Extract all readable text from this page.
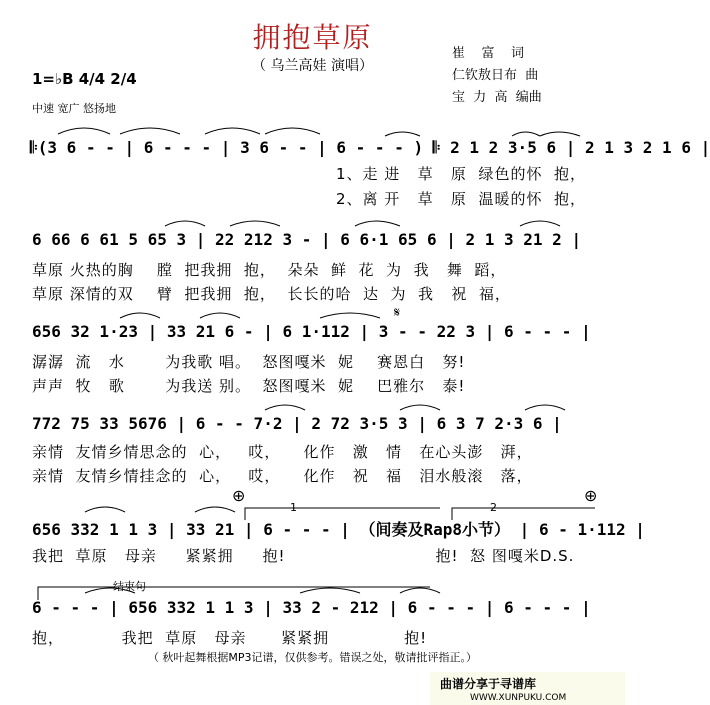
拥抱草原
（ 乌兰高娃 演唱）
崔    富    词
仁钦敖日布  曲
宝  力  高  编曲
1=♭B 4/4 2/4
中速 宽广 悠扬地
𝄆(3 6 - - | 6 - - - | 3 6 - - | 6 - - - ) 𝄆 2 1 2 3·5 6 | 2 1 3 2 1 6 |
1、走 进   草   原  绿色的怀  抱，
2、离 开   草   原  温暖的怀  抱，
6 66 6 61 5 65 3 | 22 212 3 - | 6 6·1 65 6 | 2 1 3 21 2 |
草原 火热的胸    膛  把我拥  抱，  朵朵  鲜  花  为  我   舞  蹈，
草原 深情的双    臂  把我拥  抱，  长长的哈  达  为  我   祝  福，
656 32 1·23 | 33 21 6 - | 6 1·112 | 3 - - 22 3 | 6 - - - |
潺潺  流   水       为我歌 唱。  怒图嘎米  妮    赛恩白   努!
声声  牧   歌       为我送 别。  怒图嘎米  妮    巴雅尔   泰!
772 75 33 5676 | 6 - - 7·2 | 2 72 3·5 3 | 6 3 7 2·3 6 |
亲情  友情乡情思念的  心，   哎，    化作   激   情   在心头澎   湃，
亲情  友情乡情挂念的  心，   哎，    化作   祝   福   泪水般滚   落，
656 332 1 1 3 | 33 21 | 6 - - - | （间奏及Rap8小节） | 6 - 1·112 |
我把  草原   母亲     紧紧拥     抱!                          抱!  怒 图嘎米D.S.
6 - - - | 656 332 1 1 3 | 33 2 - 212 | 6 - - - | 6 - - - |
抱，          我把  草原   母亲      紧紧拥             抱!
结束句
1	2
𝄋
⊕	⊕
（ 秋叶起舞根据MP3记谱，仅供参考。错误之处，敬请批评指正。）
曲谱分享于寻谱库
WWW.XUNPUKU.COM
